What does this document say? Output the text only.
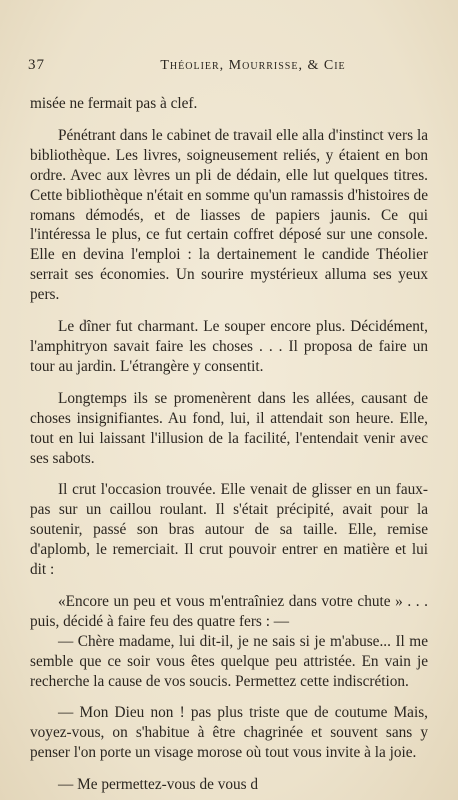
37	Théolier, Mourrisse, & Cie

misée ne fermait pas à clef.

Pénétrant dans le cabinet de travail elle alla d'instinct vers la bibliothèque. Les livres, soigneusement reliés, y étaient en bon ordre. Avec aux lèvres un pli de dédain, elle lut quelques titres. Cette bibliothèque n'était en somme qu'un ramassis d'histoires de romans démodés, et de liasses de papiers jaunis. Ce qui l'intéressa le plus, ce fut certain coffret déposé sur une console. Elle en devina l'emploi : la dertainement le candide Théolier serrait ses économies. Un sourire mystérieux alluma ses yeux pers.

Le dîner fut charmant. Le souper encore plus. Décidément, l'amphitryon savait faire les choses . . . Il proposa de faire un tour au jardin. L'étrangère y consentit.

Longtemps ils se promenèrent dans les allées, causant de choses insignifiantes. Au fond, lui, il attendait son heure. Elle, tout en lui laissant l'illusion de la facilité, l'entendait venir avec ses sabots.

Il crut l'occasion trouvée. Elle venait de glisser en un faux-pas sur un caillou roulant. Il s'était précipité, avait pour la soutenir, passé son bras autour de sa taille. Elle, remise d'aplomb, le remerciait. Il crut pouvoir entrer en matière et lui dit :

«Encore un peu et vous m'entraîniez dans votre chute » . . . puis, décidé à faire feu des quatre fers : —

— Chère madame, lui dit-il, je ne sais si je m'abuse... Il me semble que ce soir vous êtes quelque peu attristée. En vain je recherche la cause de vos soucis. Permettez cette indiscrétion.

— Mon Dieu non ! pas plus triste que de coutume Mais, voyez-vous, on s'habitue à être chagrinée et souvent sans y penser l'on porte un visage morose où tout vous invite à la joie.

— Me permettez-vous de vous d
